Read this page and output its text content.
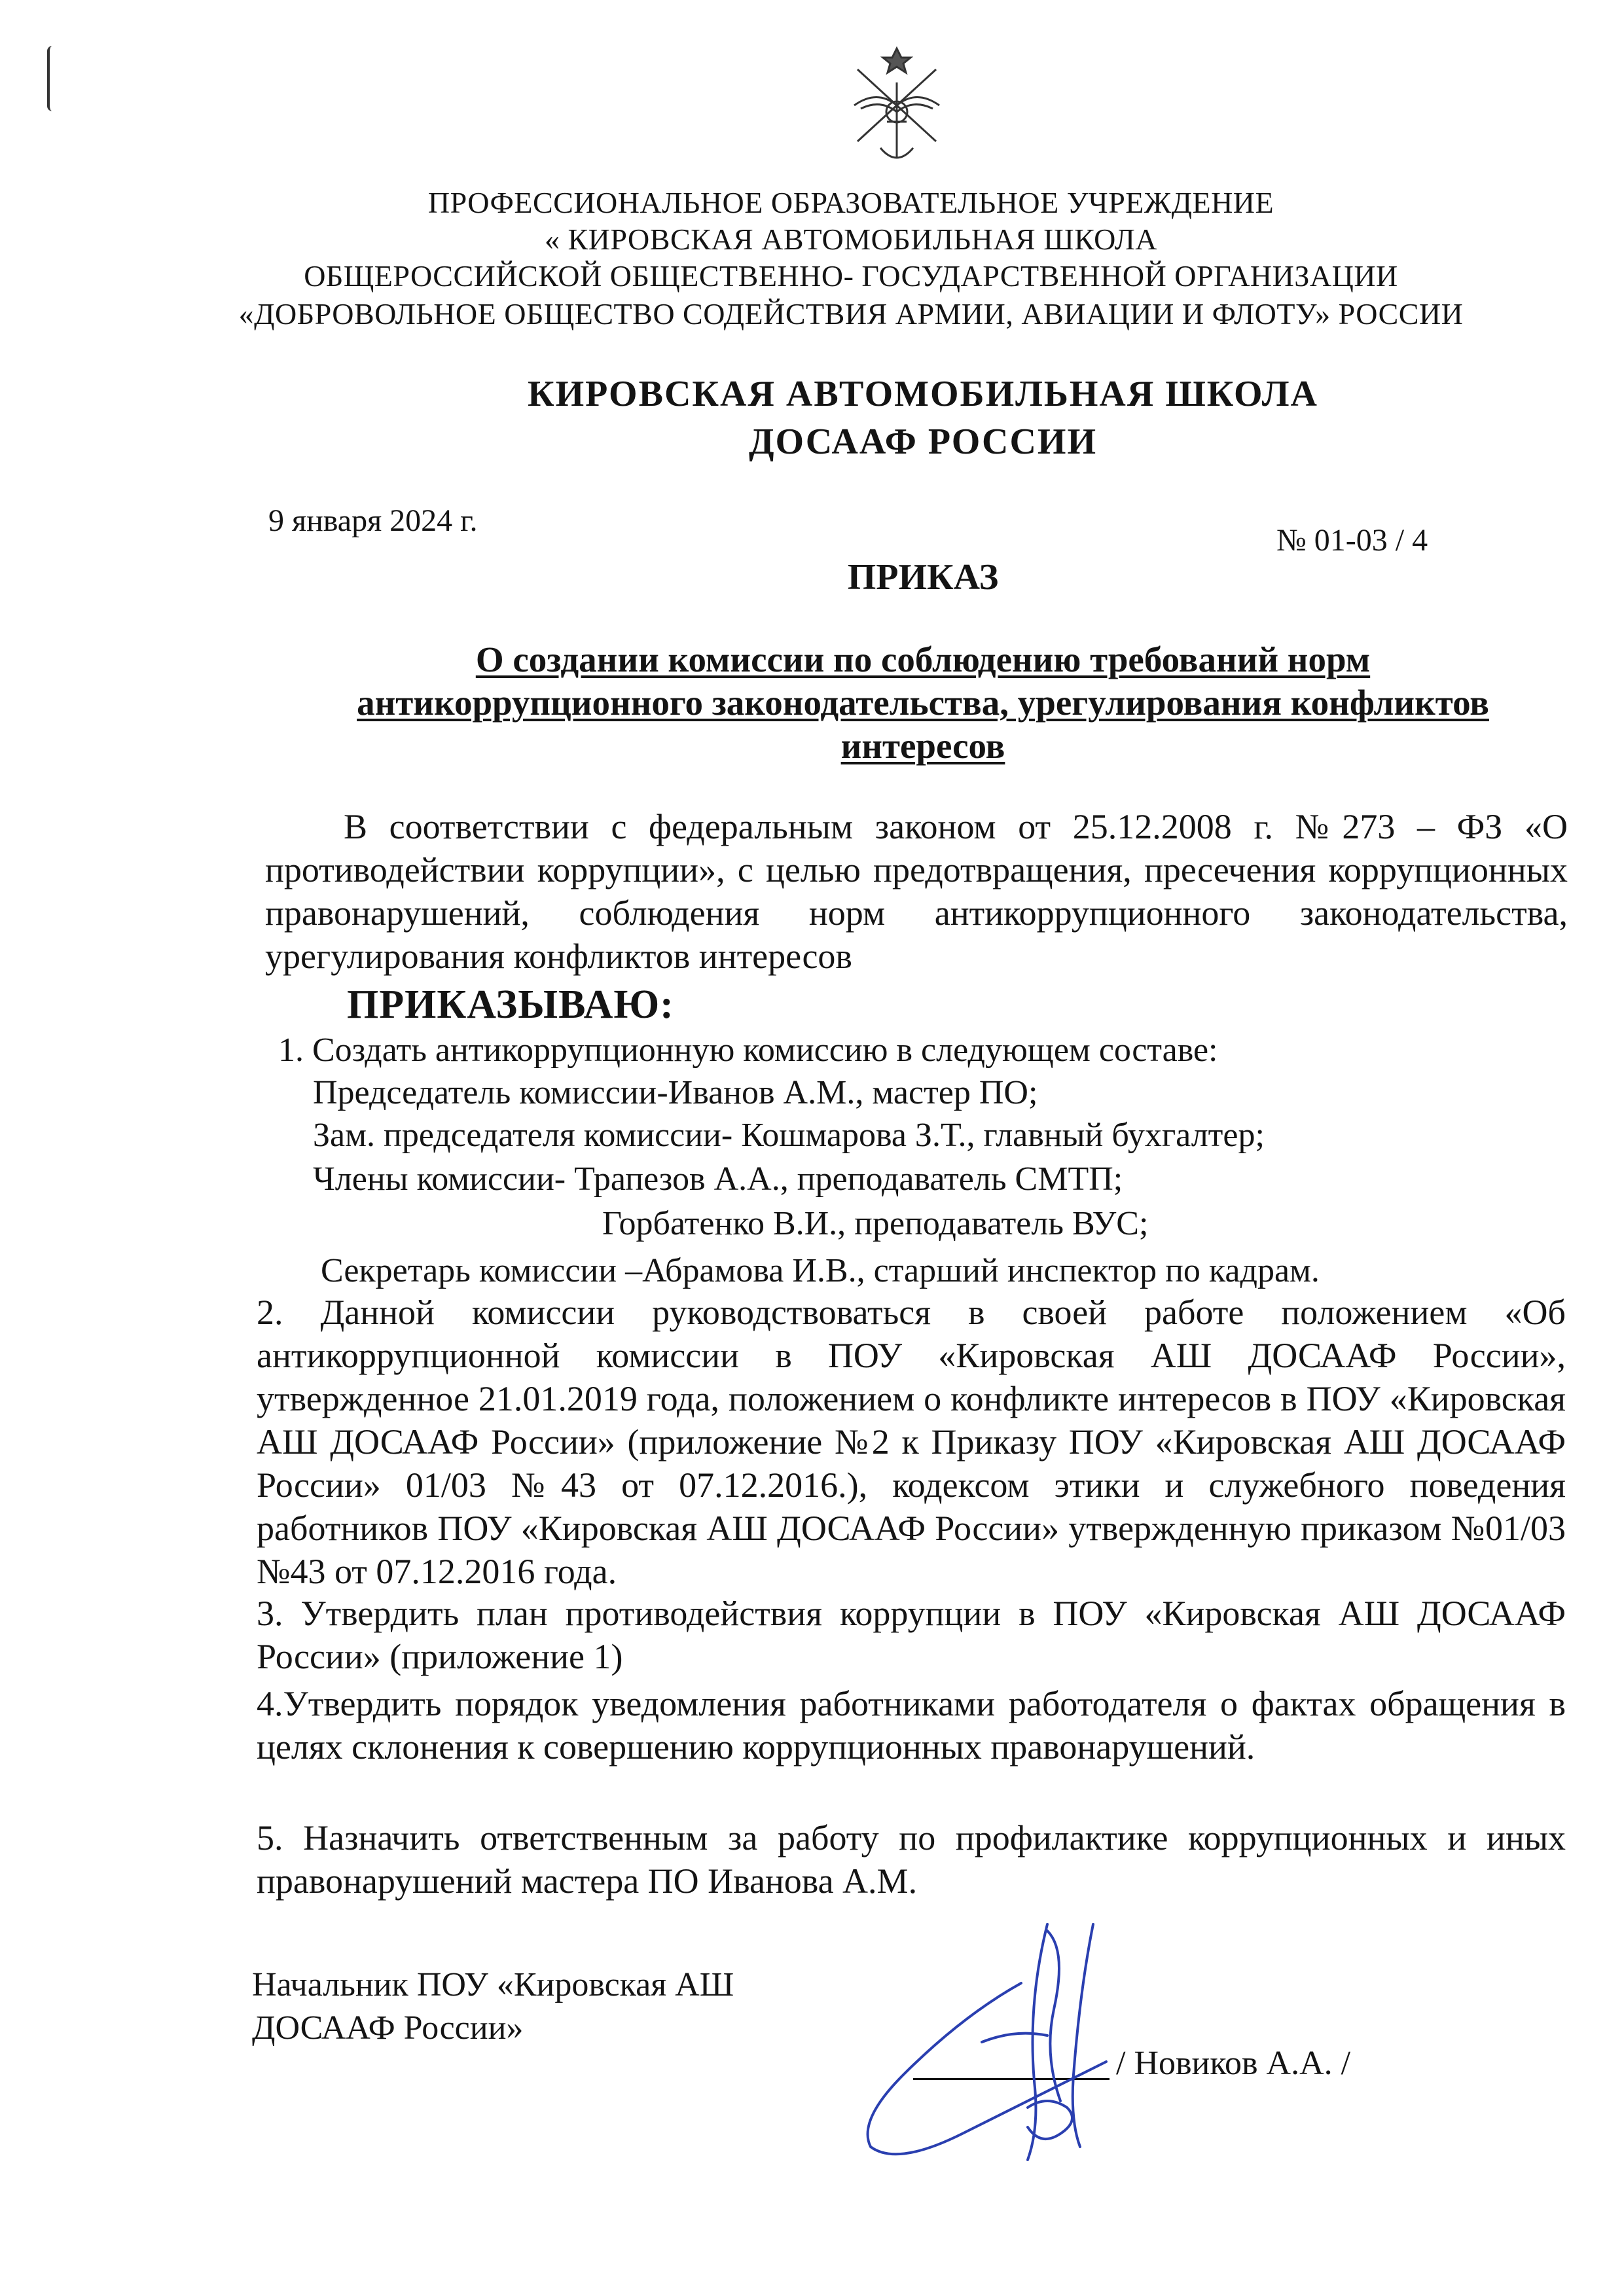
ПРОФЕССИОНАЛЬНОЕ ОБРАЗОВАТЕЛЬНОЕ УЧРЕЖДЕНИЕ
« КИРОВСКАЯ АВТОМОБИЛЬНАЯ ШКОЛА
ОБЩЕРОССИЙСКОЙ ОБЩЕСТВЕННО- ГОСУДАРСТВЕННОЙ ОРГАНИЗАЦИИ
«ДОБРОВОЛЬНОЕ ОБЩЕСТВО СОДЕЙСТВИЯ АРМИИ, АВИАЦИИ И ФЛОТУ» РОССИИ
КИРОВСКАЯ АВТОМОБИЛЬНАЯ ШКОЛА
ДОСААФ РОССИИ
9 января 2024 г.
№ 01-03 / 4
ПРИКАЗ
О создании комиссии по соблюдению требований норм
антикоррупционного законодательства, урегулирования конфликтов
интересов
В соответствии с федеральным законом от 25.12.2008 г. №273 – ФЗ «О противодействии коррупции», с целью предотвращения, пресечения коррупционных правонарушений, соблюдения норм антикоррупционного законодательства, урегулирования конфликтов интересов
ПРИКАЗЫВАЮ:
1. Создать антикоррупционную комиссию в следующем составе:
Председатель комиссии-Иванов А.М., мастер ПО;
Зам. председателя комиссии- Кошмарова З.Т., главный бухгалтер;
Члены комиссии- Трапезов А.А., преподаватель СМТП;
Горбатенко В.И., преподаватель ВУС;
Секретарь комиссии –Абрамова И.В., старший инспектор по кадрам.
2. Данной комиссии руководствоваться в своей работе положением «Об антикоррупционной комиссии в ПОУ «Кировская АШ ДОСААФ России», утвержденное 21.01.2019 года, положением о конфликте интересов в ПОУ «Кировская АШ ДОСААФ России» (приложение №2 к Приказу ПОУ «Кировская АШ ДОСААФ России» 01/03 №43 от 07.12.2016.), кодексом этики и служебного поведения работников ПОУ «Кировская АШ ДОСААФ России» утвержденную приказом №01/03 №43 от 07.12.2016 года.
3. Утвердить план противодействия коррупции в ПОУ «Кировская АШ ДОСААФ России» (приложение 1)
4.Утвердить порядок уведомления работниками работодателя о фактах обращения в целях склонения к совершению коррупционных правонарушений.
5. Назначить ответственным за работу по профилактике коррупционных и иных правонарушений мастера ПО Иванова А.М.
Начальник ПОУ «Кировская АШ
ДОСААФ России»
/ Новиков А.А. /
